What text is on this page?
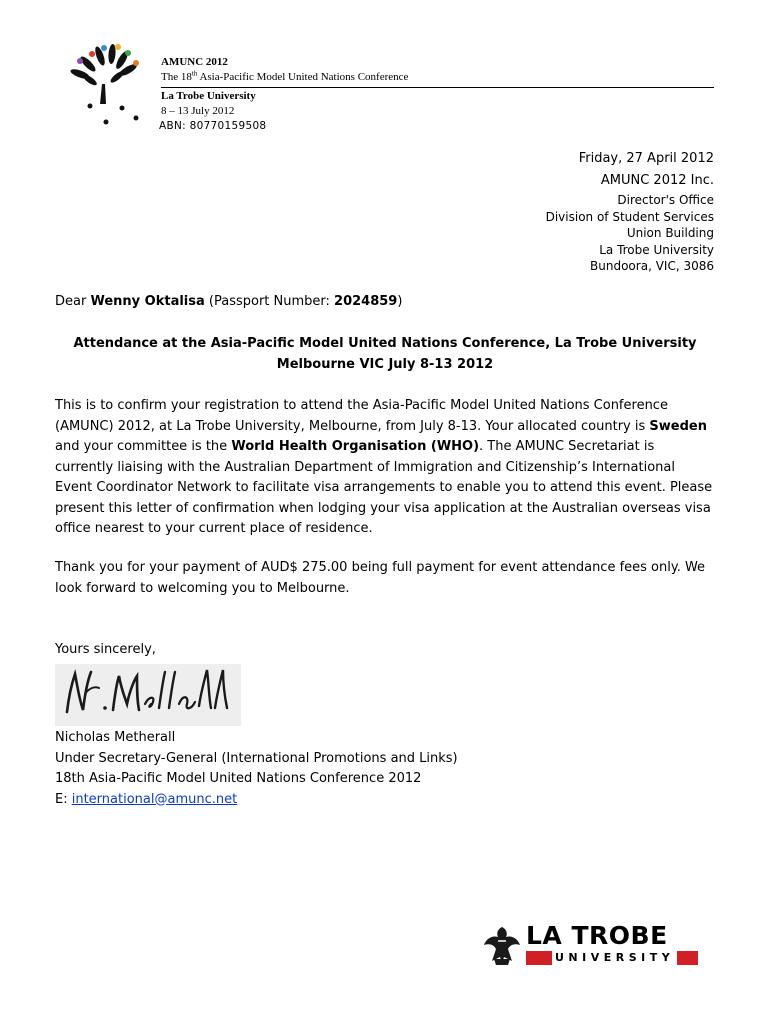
AMUNC 2012
The 18th Asia-Pacific Model United Nations Conference
La Trobe University
8 – 13 July 2012
ABN: 80770159508
Friday, 27 April 2012
AMUNC 2012 Inc.
Director's Office
Division of Student Services
Union Building
La Trobe University
Bundoora, VIC, 3086
Dear Wenny Oktalisa (Passport Number: 2024859)
Attendance at the Asia-Pacific Model United Nations Conference, La Trobe University
Melbourne VIC July 8-13 2012
This is to confirm your registration to attend the Asia-Pacific Model United Nations Conference (AMUNC) 2012, at La Trobe University, Melbourne, from July 8-13. Your allocated country is Sweden and your committee is the World Health Organisation (WHO). The AMUNC Secretariat is currently liaising with the Australian Department of Immigration and Citizenship’s International Event Coordinator Network to facilitate visa arrangements to enable you to attend this event. Please present this letter of confirmation when lodging your visa application at the Australian overseas visa office nearest to your current place of residence.
Thank you for your payment of AUD$ 275.00 being full payment for event attendance fees only. We look forward to welcoming you to Melbourne.
Yours sincerely,
Nicholas Metherall
Under Secretary-General (International Promotions and Links)
18th Asia-Pacific Model United Nations Conference 2012
E: international@amunc.net
LA TROBE
UNIVERSITY
